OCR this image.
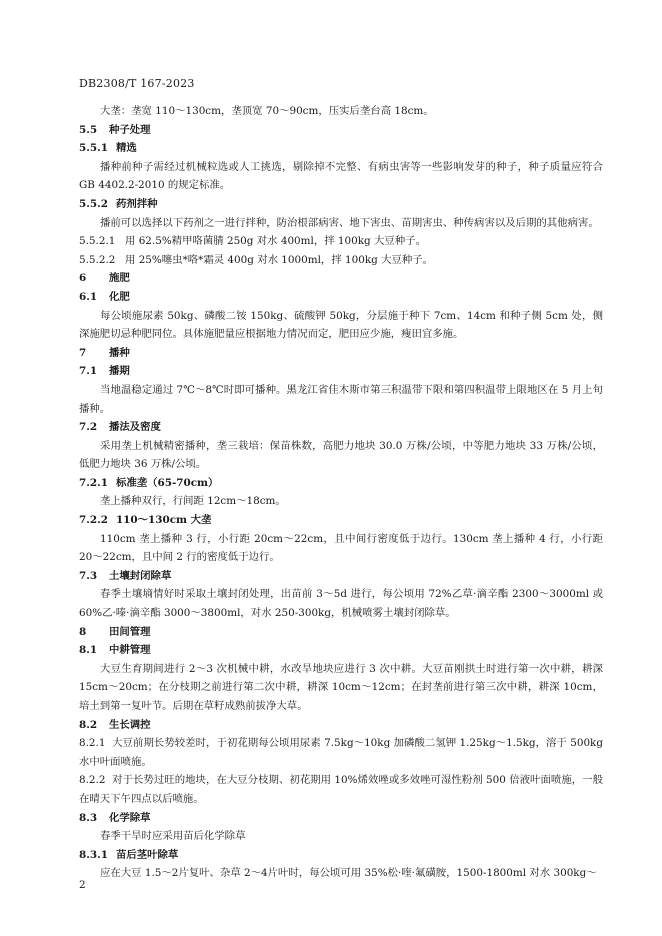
DB2308/T 167-2023

大垄：垄宽 110～130cm，垄顶宽 70～90cm，压实后垄台高 18cm。

5.5 种子处理
5.5.1 精选

播种前种子需经过机械粒选或人工挑选，剔除掉不完整、有病虫害等一些影响发芽的种子，种子质量应符合 GB 4402.2-2010 的规定标准。

5.5.2 药剂拌种

播前可以选择以下药剂之一进行拌种，防治根部病害、地下害虫、苗期害虫、种传病害以及后期的其他病害。

5.5.2.1 用 62.5%精甲咯菌腈 250g 对水 400ml，拌 100kg 大豆种子。
5.5.2.2 用 25%噻虫*咯*霜灵 400g 对水 1000ml，拌 100kg 大豆种子。
6	施肥
6.1 化肥

每公顷施尿素 50kg、磷酸二铵 150kg、硫酸钾 50kg，分层施于种下 7cm、14cm 和种子侧 5cm 处，侧深施肥切忌种肥同位。具体施肥量应根据地力情况而定，肥田应少施，瘦田宜多施。

7	播种
7.1 播期

当地温稳定通过 7℃～8℃时即可播种。黑龙江省佳木斯市第三积温带下限和第四积温带上限地区在 5 月上旬播种。

7.2 播法及密度

采用垄上机械精密播种，垄三栽培：保苗株数，高肥力地块 30.0 万株/公顷，中等肥力地块 33 万株/公顷，低肥力地块 36 万株/公顷。

7.2.1 标准垄（65-70cm）

垄上播种双行，行间距 12cm～18cm。

7.2.2 110～130cm 大垄

110cm 垄上播种 3 行，小行距 20cm～22cm，且中间行密度低于边行。130cm 垄上播种 4 行，小行距 20～22cm，且中间 2 行的密度低于边行。

7.3 土壤封闭除草

春季土壤墒情好时采取土壤封闭处理，出苗前 3～5d 进行，每公顷用 72%乙草·滴辛酯 2300～3000ml 或 60%乙·嗪·滴辛酯 3000～3800ml，对水 250-300kg，机械喷雾土壤封闭除草。

8	田间管理
8.1 中耕管理

大豆生育期间进行 2～3 次机械中耕，水改旱地块应进行 3 次中耕。大豆苗刚拱土时进行第一次中耕，耕深 15cm～20cm；在分枝期之前进行第二次中耕，耕深 10cm～12cm；在封垄前进行第三次中耕，耕深 10cm，培土到第一复叶节。后期在草籽成熟前拔净大草。

8.2 生长调控

8.2.1 大豆前期长势较差时，于初花期每公顷用尿素 7.5kg～10kg 加磷酸二氢钾 1.25kg～1.5kg，溶于 500kg 水中叶面喷施。

8.2.2 对于长势过旺的地块，在大豆分枝期、初花期用 10%烯效唑或多效唑可湿性粉剂 500 倍液叶面喷施，一般在晴天下午四点以后喷施。

8.3 化学除草

春季干旱时应采用苗后化学除草

8.3.1 苗后茎叶除草

应在大豆 1.5～2片复叶、杂草 2～4片叶时，每公顷可用 35%松·喹·氟磺胺，1500-1800ml 对水 300kg～

2
